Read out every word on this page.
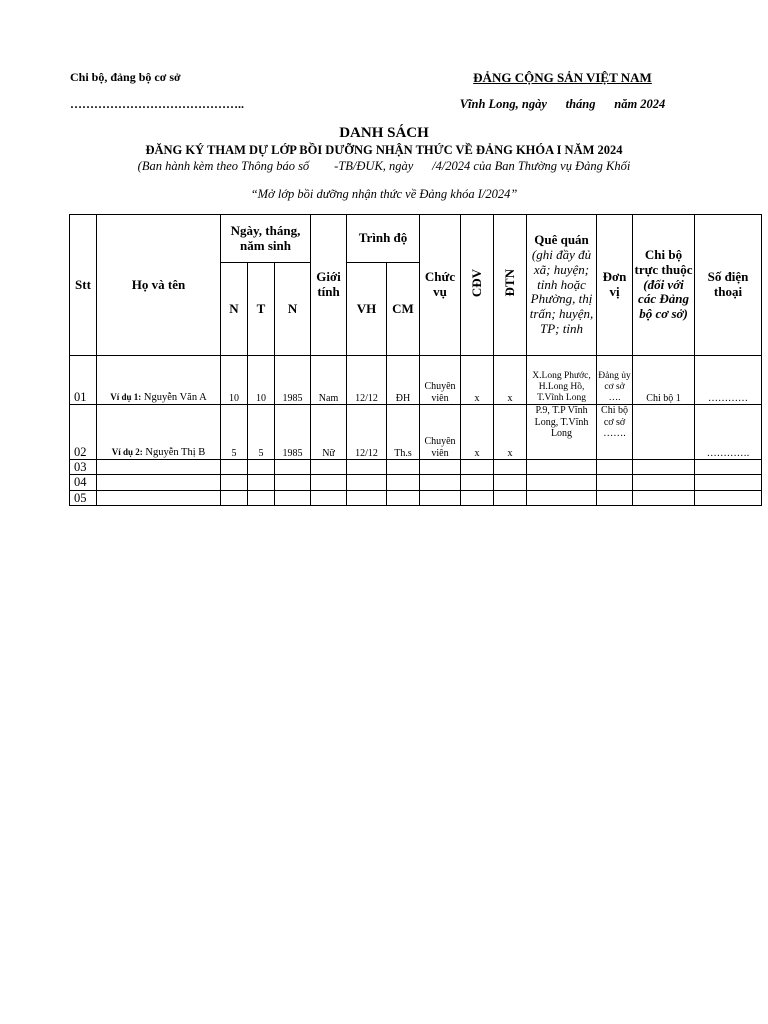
Chi bộ, đảng bộ cơ sở
……………………………………..
ĐẢNG CỘNG SẢN VIỆT NAM
Vĩnh Long, ngày      tháng      năm 2024
DANH SÁCH
ĐĂNG KÝ THAM DỰ LỚP BỒI DƯỠNG NHẬN THỨC VỀ ĐẢNG KHÓA I NĂM 2024
(Ban hành kèm theo Thông báo số        -TB/ĐUK, ngày      /4/2024 của Ban Thường vụ Đảng Khối
“Mở lớp bồi dưỡng nhận thức về Đảng khóa I/2024”
Stt	Họ và tên	Ngày, tháng, năm sinh			Giới tính	Trình độ		Chức vụ	CĐV	ĐTN	Quê quán (ghi đầy đủ xã; huyện; tỉnh hoặc Phường, thị trấn; huyện, TP; tỉnh	Đơn vị	Chi bộ trực thuộc (đối với các Đảng bộ cơ sở)	Số điện thoại
		N	T	N		VH	CM							
01	Ví dụ 1: Nguyễn Văn A	10	10	1985	Nam	12/12	ĐH	Chuyên viên	x	x	X.Long Phước, H.Long Hồ, T.Vĩnh Long	Đảng ủy cơ sở ….	Chi bộ 1	…………
02	Ví dụ 2: Nguyễn Thị B	5	5	1985	Nữ	12/12	Th.s	Chuyên viên	x	x	P.9, T.P Vĩnh Long, T.Vĩnh Long	Chi bộ cơ sở …….		………….
03														
04														
05														
